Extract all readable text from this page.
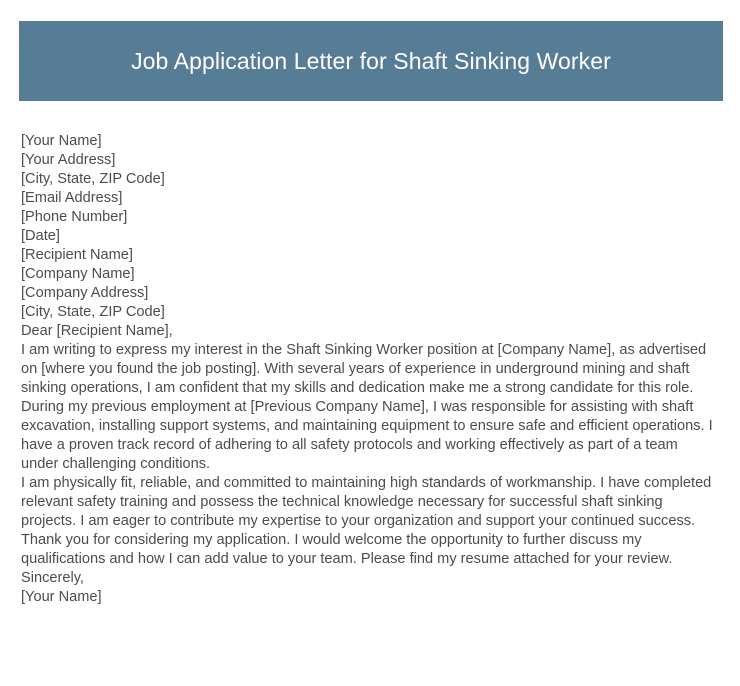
Job Application Letter for Shaft Sinking Worker
[Your Name]
[Your Address]
[City, State, ZIP Code]
[Email Address]
[Phone Number]
[Date]
[Recipient Name]
[Company Name]
[Company Address]
[City, State, ZIP Code]
Dear [Recipient Name],

I am writing to express my interest in the Shaft Sinking Worker position at [Company Name], as advertised on [where you found the job posting]. With several years of experience in underground mining and shaft sinking operations, I am confident that my skills and dedication make me a strong candidate for this role.

During my previous employment at [Previous Company Name], I was responsible for assisting with shaft excavation, installing support systems, and maintaining equipment to ensure safe and efficient operations. I have a proven track record of adhering to all safety protocols and working effectively as part of a team under challenging conditions.

I am physically fit, reliable, and committed to maintaining high standards of workmanship. I have completed relevant safety training and possess the technical knowledge necessary for successful shaft sinking projects. I am eager to contribute my expertise to your organization and support your continued success.

Thank you for considering my application. I would welcome the opportunity to further discuss my qualifications and how I can add value to your team. Please find my resume attached for your review.

Sincerely,
[Your Name]
